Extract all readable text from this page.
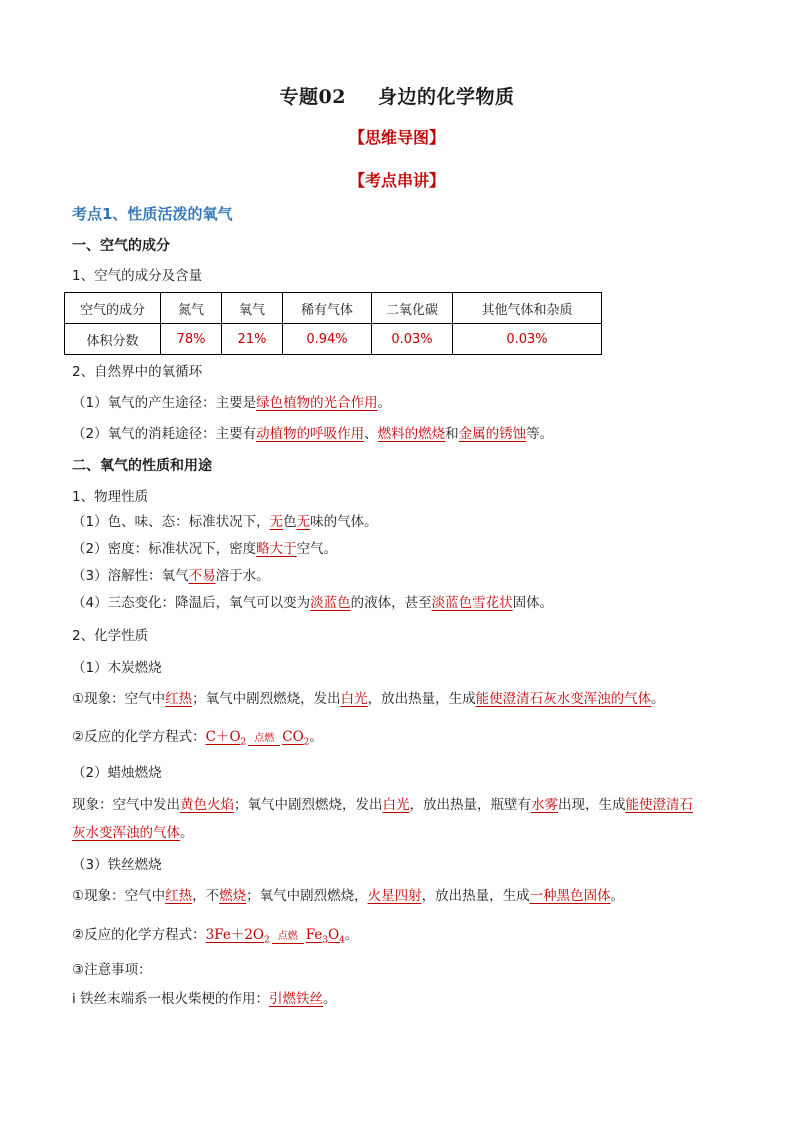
专题02 身边的化学物质
【思维导图】
【考点串讲】
考点1、性质活泼的氧气
一、空气的成分
1、空气的成分及含量
空气的成分	氮气	氧气	稀有气体	二氧化碳	其他气体和杂质
体积分数	78%	21%	0.94%	0.03%	0.03%
2、自然界中的氧循环
（1）氧气的产生途径：主要是绿色植物的光合作用。
（2）氧气的消耗途径：主要有动植物的呼吸作用、燃料的燃烧和金属的锈蚀等。
二、氧气的性质和用途
1、物理性质
（1）色、味、态：标准状况下，无色无味的气体。
（2）密度：标准状况下，密度略大于空气。
（3）溶解性：氧气不易溶于水。
（4）三态变化：降温后，氧气可以变为淡蓝色的液体，甚至淡蓝色雪花状固体。
2、化学性质
（1）木炭燃烧
①现象：空气中红热；氧气中剧烈燃烧，发出白光，放出热量，生成能使澄清石灰水变浑浊的气体。
②反应的化学方程式：$C+O_2$ 点燃 $CO_2$。
（2）蜡烛燃烧
现象：空气中发出黄色火焰；氧气中剧烈燃烧，发出白光，放出热量，瓶壁有水雾出现，生成能使澄清石
灰水变浑浊的气体。
（3）铁丝燃烧
①现象：空气中红热，不燃烧；氧气中剧烈燃烧，火星四射，放出热量，生成一种黑色固体。
②反应的化学方程式：$3Fe+2O_2$ 点燃 $Fe_3O_4$。
③注意事项：
i 铁丝末端系一根火柴梗的作用：引燃铁丝。
